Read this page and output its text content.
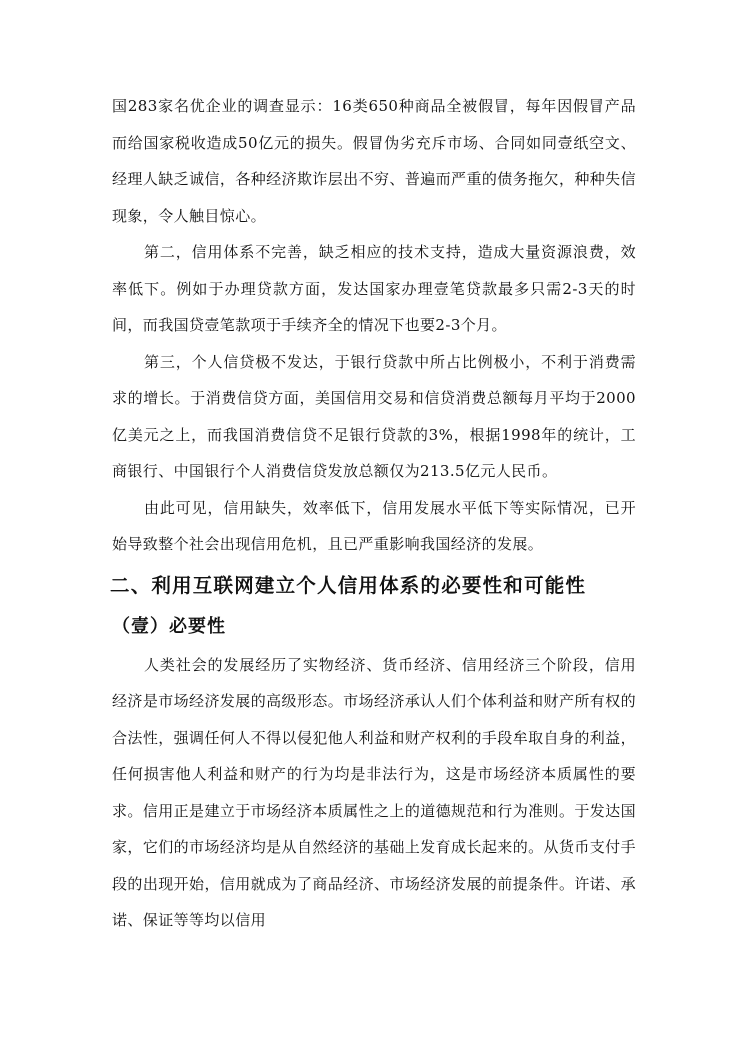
国283家名优企业的调查显示：16类650种商品全被假冒，每年因假冒产品而给国家税收造成50亿元的损失。假冒伪劣充斥市场、合同如同壹纸空文、经理人缺乏诚信，各种经济欺诈层出不穷、普遍而严重的债务拖欠，种种失信现象，令人触目惊心。

第二，信用体系不完善，缺乏相应的技术支持，造成大量资源浪费，效率低下。例如于办理贷款方面，发达国家办理壹笔贷款最多只需2-3天的时间，而我国贷壹笔款项于手续齐全的情况下也要2-3个月。

第三，个人信贷极不发达，于银行贷款中所占比例极小，不利于消费需求的增长。于消费信贷方面，美国信用交易和信贷消费总额每月平均于2000亿美元之上，而我国消费信贷不足银行贷款的3%，根据1998年的统计，工商银行、中国银行个人消费信贷发放总额仅为213.5亿元人民币。

由此可见，信用缺失，效率低下，信用发展水平低下等实际情况，已开始导致整个社会出现信用危机，且已严重影响我国经济的发展。

二、利用互联网建立个人信用体系的必要性和可能性
（壹）必要性

人类社会的发展经历了实物经济、货币经济、信用经济三个阶段，信用经济是市场经济发展的高级形态。市场经济承认人们个体利益和财产所有权的合法性，强调任何人不得以侵犯他人利益和财产权利的手段牟取自身的利益，任何损害他人利益和财产的行为均是非法行为，这是市场经济本质属性的要求。信用正是建立于市场经济本质属性之上的道德规范和行为准则。于发达国家，它们的市场经济均是从自然经济的基础上发育成长起来的。从货币支付手段的出现开始，信用就成为了商品经济、市场经济发展的前提条件。许诺、承诺、保证等等均以信用
